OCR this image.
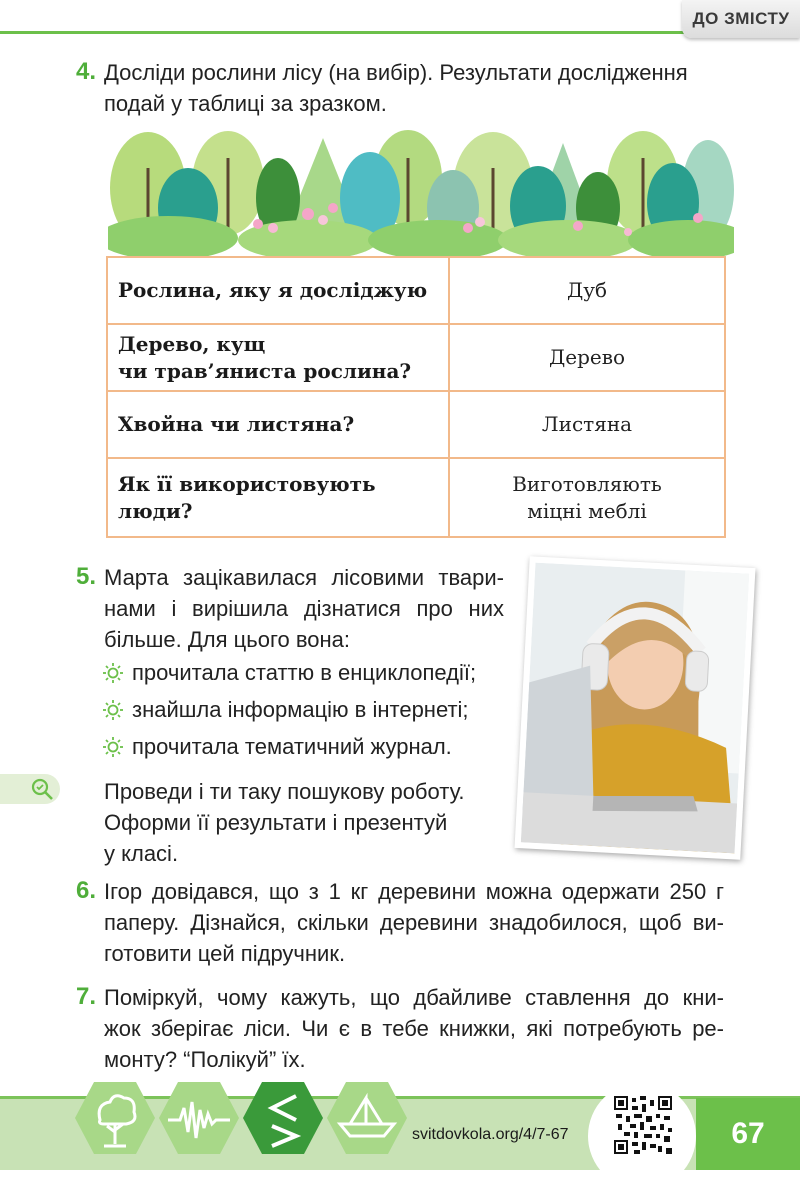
ДО ЗМІСТУ
4. Досліди рослини лісу (на вибір). Результати дослідження
подай у таблиці за зразком.
Рослина, яку я досліджую	Дуб
Дерево, кущ
чи трав’яниста рослина?	Дерево
Хвойна чи листяна?	Листяна
Як її використовують
люди?	Виготовляють
міцні меблі
5. Марта зацікавилася лісовими твари-
нами і вирішила дізнатися про них
більше. Для цього вона:
прочитала статтю в енциклопедії;
знайшла інформацію в інтернеті;
прочитала тематичний журнал.
Проведи і ти таку пошукову роботу.
Оформи її результати і презентуй
у класі.
6. Ігор довідався, що з 1 кг деревини можна одержати 250 г
паперу. Дізнайся, скільки деревини знадобилося, щоб ви-
готовити цей підручник.
7. Поміркуй, чому кажуть, що дбайливе ставлення до кни-
жок зберігає ліси. Чи є в тебе книжки, які потребують ре-
монту? “Полікуй” їх.
svitdovkola.org/4/7-67	67
